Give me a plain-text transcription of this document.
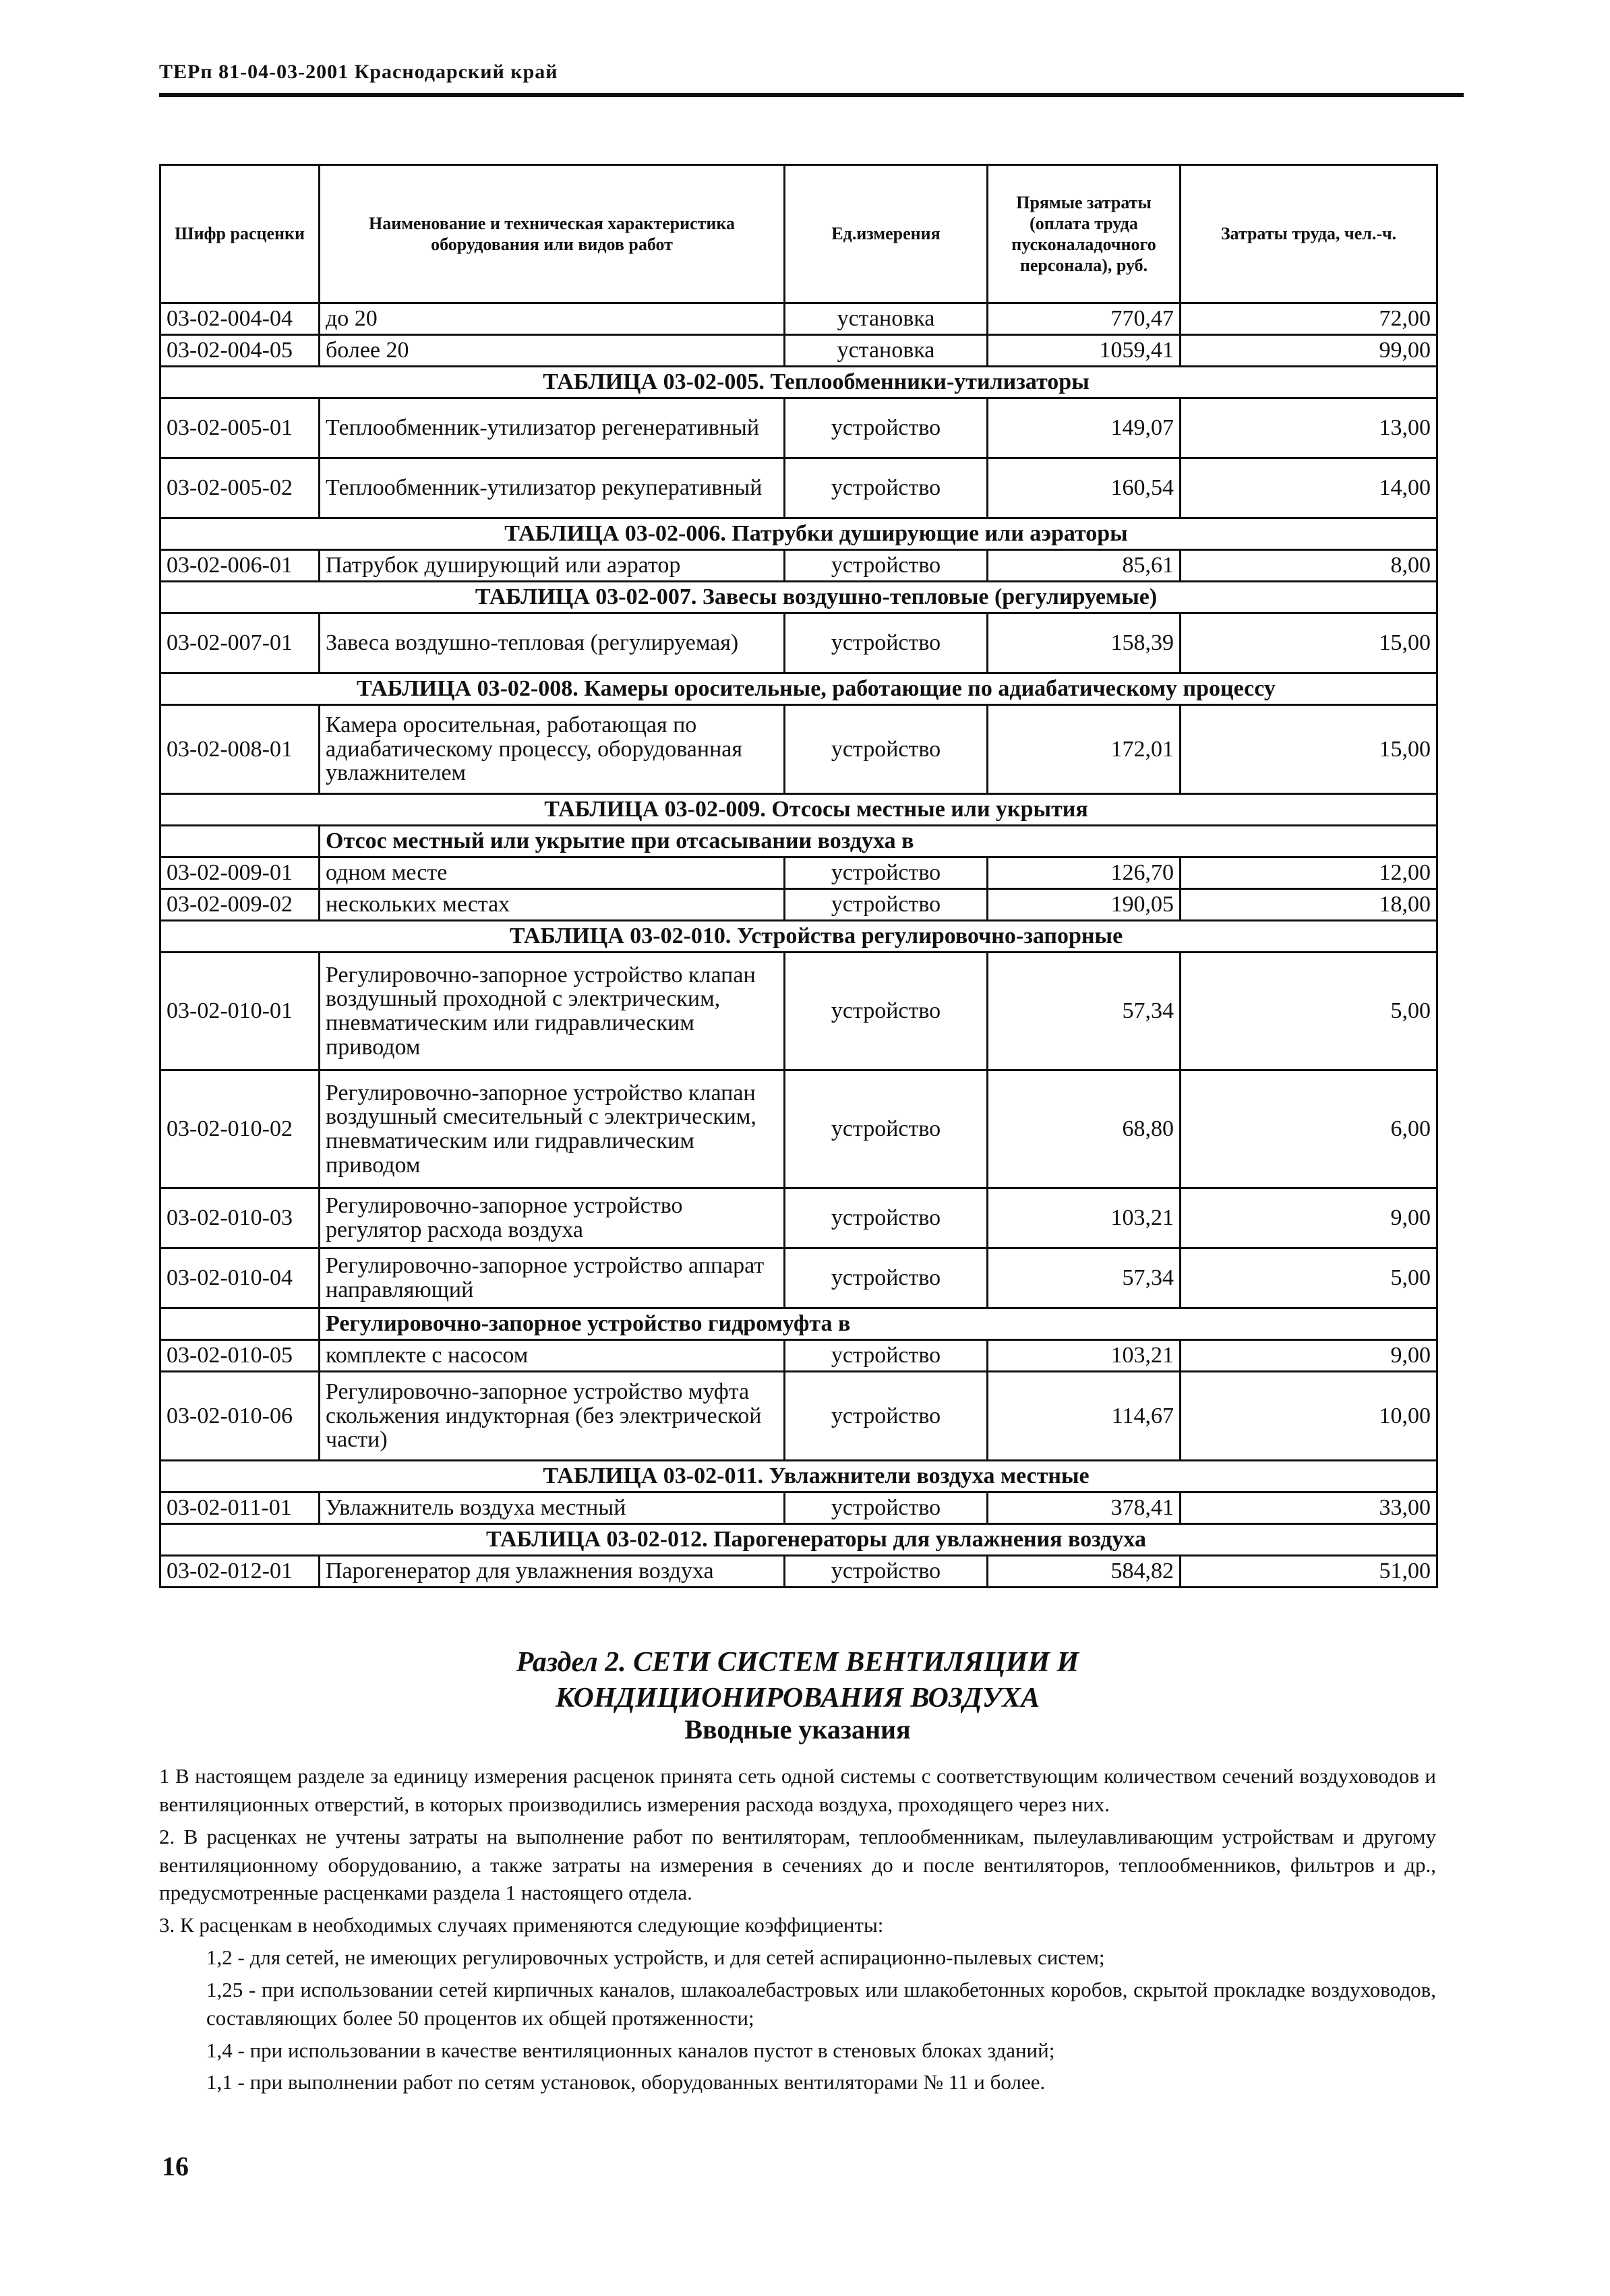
ТЕРп 81-04-03-2001 Краснодарский край
Шифр расценки	Наименование и техническая характеристика оборудования или видов работ	Ед.измерения	Прямые затраты (оплата труда пусконаладочного персонала), руб.	Затраты труда, чел.-ч.
03-02-004-04	до 20	установка	770,47	72,00
03-02-004-05	более 20	установка	1059,41	99,00
ТАБЛИЦА 03-02-005. Теплообменники-утилизаторы				
03-02-005-01	Теплообменник-утилизатор регенеративный	устройство	149,07	13,00
03-02-005-02	Теплообменник-утилизатор рекуперативный	устройство	160,54	14,00
ТАБЛИЦА 03-02-006. Патрубки душирующие или аэраторы				
03-02-006-01	Патрубок душирующий или аэратор	устройство	85,61	8,00
ТАБЛИЦА 03-02-007. Завесы воздушно-тепловые (регулируемые)				
03-02-007-01	Завеса воздушно-тепловая (регулируемая)	устройство	158,39	15,00
ТАБЛИЦА 03-02-008. Камеры оросительные, работающие по адиабатическому процессу				
03-02-008-01	Камера оросительная, работающая по адиабатическому процессу, оборудованная увлажнителем	устройство	172,01	15,00
ТАБЛИЦА 03-02-009. Отсосы местные или укрытия				
	Отсос местный или укрытие при отсасывании воздуха в			
03-02-009-01	одном месте	устройство	126,70	12,00
03-02-009-02	нескольких местах	устройство	190,05	18,00
ТАБЛИЦА 03-02-010. Устройства регулировочно-запорные				
03-02-010-01	Регулировочно-запорное устройство клапан воздушный проходной с электрическим, пневматическим или гидравлическим приводом	устройство	57,34	5,00
03-02-010-02	Регулировочно-запорное устройство клапан воздушный смесительный с электрическим, пневматическим или гидравлическим приводом	устройство	68,80	6,00
03-02-010-03	Регулировочно-запорное устройство регулятор расхода воздуха	устройство	103,21	9,00
03-02-010-04	Регулировочно-запорное устройство аппарат направляющий	устройство	57,34	5,00
	Регулировочно-запорное устройство гидромуфта в			
03-02-010-05	комплекте с насосом	устройство	103,21	9,00
03-02-010-06	Регулировочно-запорное устройство муфта скольжения индукторная (без электрической части)	устройство	114,67	10,00
ТАБЛИЦА 03-02-011. Увлажнители воздуха местные				
03-02-011-01	Увлажнитель воздуха местный	устройство	378,41	33,00
ТАБЛИЦА 03-02-012. Парогенераторы для увлажнения воздуха				
03-02-012-01	Парогенератор для увлажнения воздуха	устройство	584,82	51,00
Раздел 2. СЕТИ СИСТЕМ ВЕНТИЛЯЦИИ И
КОНДИЦИОНИРОВАНИЯ ВОЗДУХА
Вводные указания

1 В настоящем разделе за единицу измерения расценок принята сеть одной системы с соответствующим количеством сечений воздуховодов и вентиляционных отверстий, в которых производились измерения расхода воздуха, проходящего через них.

2. В расценках не учтены затраты на выполнение работ по вентиляторам, теплообменникам, пылеулавливающим устройствам и другому вентиляционному оборудованию, а также затраты на измерения в сечениях до и после вентиляторов, теплообменников, фильтров и др., предусмотренные расценками раздела 1 настоящего отдела.

3. К расценкам в необходимых случаях применяются следующие коэффициенты:

1,2 - для сетей, не имеющих регулировочных устройств, и для сетей аспирационно-пылевых систем;

1,25 - при использовании сетей кирпичных каналов, шлакоалебастровых или шлакобетонных коробов, скрытой прокладке воздуховодов, составляющих более 50 процентов их общей протяженности;

1,4 - при использовании в качестве вентиляционных каналов пустот в стеновых блоках зданий;

1,1 - при выполнении работ по сетям установок, оборудованных вентиляторами № 11 и более.

16
